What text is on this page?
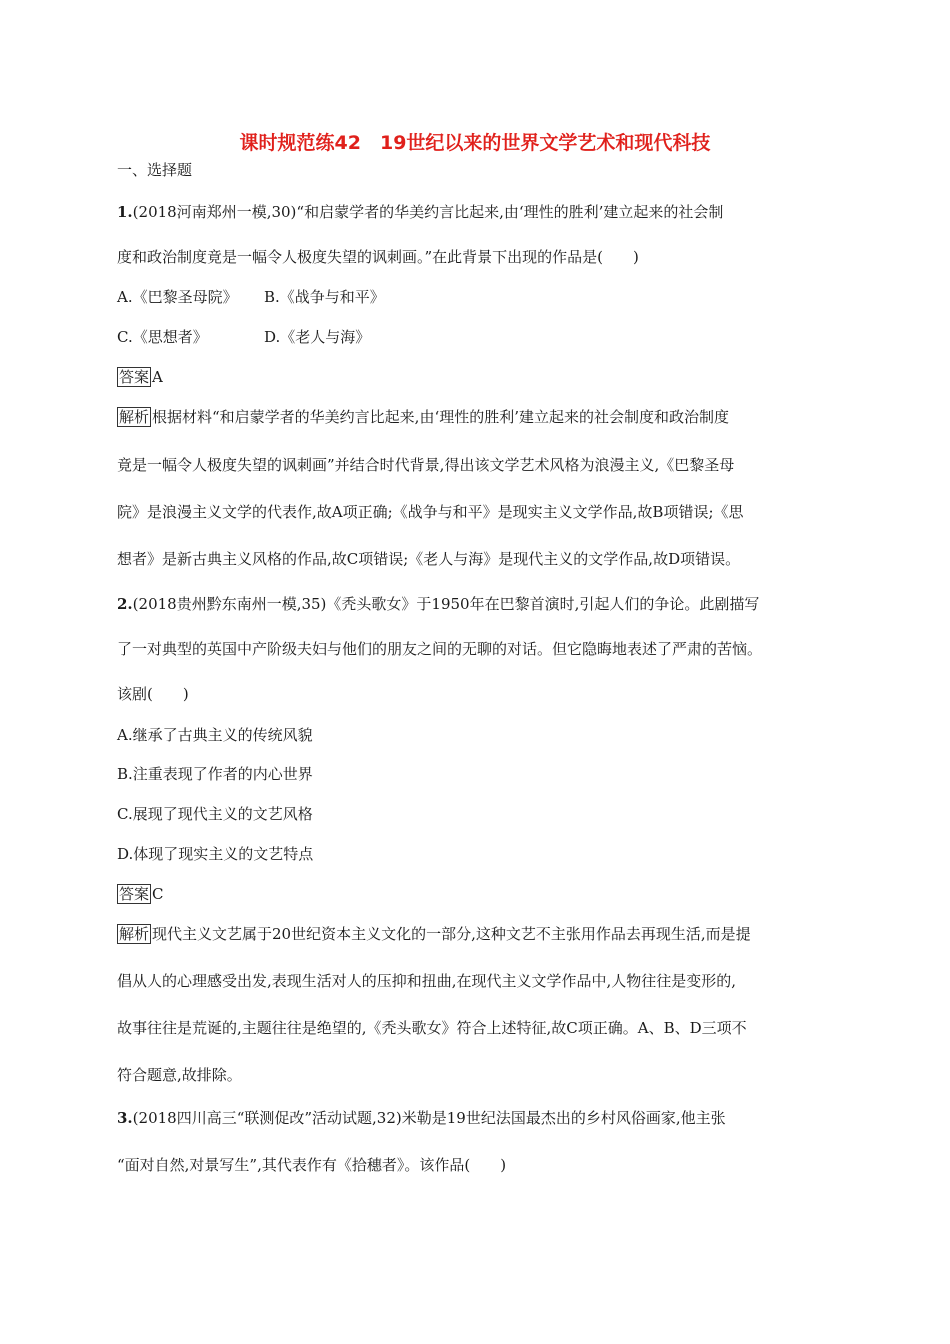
课时规范练42　19世纪以来的世界文学艺术和现代科技
一、选择题
1.(2018河南郑州一模,30)“和启蒙学者的华美约言比起来,由‘理性的胜利’建立起来的社会制
度和政治制度竟是一幅令人极度失望的讽刺画。”在此背景下出现的作品是(　　)
A.《巴黎圣母院》 B.《战争与和平》
C.《思想者》	D.《老人与海》
答案 A
解析 根据材料“和启蒙学者的华美约言比起来,由‘理性的胜利’建立起来的社会制度和政治制度
竟是一幅令人极度失望的讽刺画”并结合时代背景,得出该文学艺术风格为浪漫主义,《巴黎圣母
院》是浪漫主义文学的代表作,故A项正确;《战争与和平》是现实主义文学作品,故B项错误;《思
想者》是新古典主义风格的作品,故C项错误;《老人与海》是现代主义的文学作品,故D项错误。
2.(2018贵州黔东南州一模,35)《秃头歌女》于1950年在巴黎首演时,引起人们的争论。此剧描写
了一对典型的英国中产阶级夫妇与他们的朋友之间的无聊的对话。但它隐晦地表述了严肃的苦恼。
该剧(　　)
A.继承了古典主义的传统风貌
B.注重表现了作者的内心世界
C.展现了现代主义的文艺风格
D.体现了现实主义的文艺特点
答案 C
解析 现代主义文艺属于20世纪资本主义文化的一部分,这种文艺不主张用作品去再现生活,而是提
倡从人的心理感受出发,表现生活对人的压抑和扭曲,在现代主义文学作品中,人物往往是变形的,
故事往往是荒诞的,主题往往是绝望的,《秃头歌女》符合上述特征,故C项正确。A、B、D三项不
符合题意,故排除。
3.(2018四川高三“联测促改”活动试题,32)米勒是19世纪法国最杰出的乡村风俗画家,他主张
“面对自然,对景写生”,其代表作有《拾穗者》。该作品(　　)
